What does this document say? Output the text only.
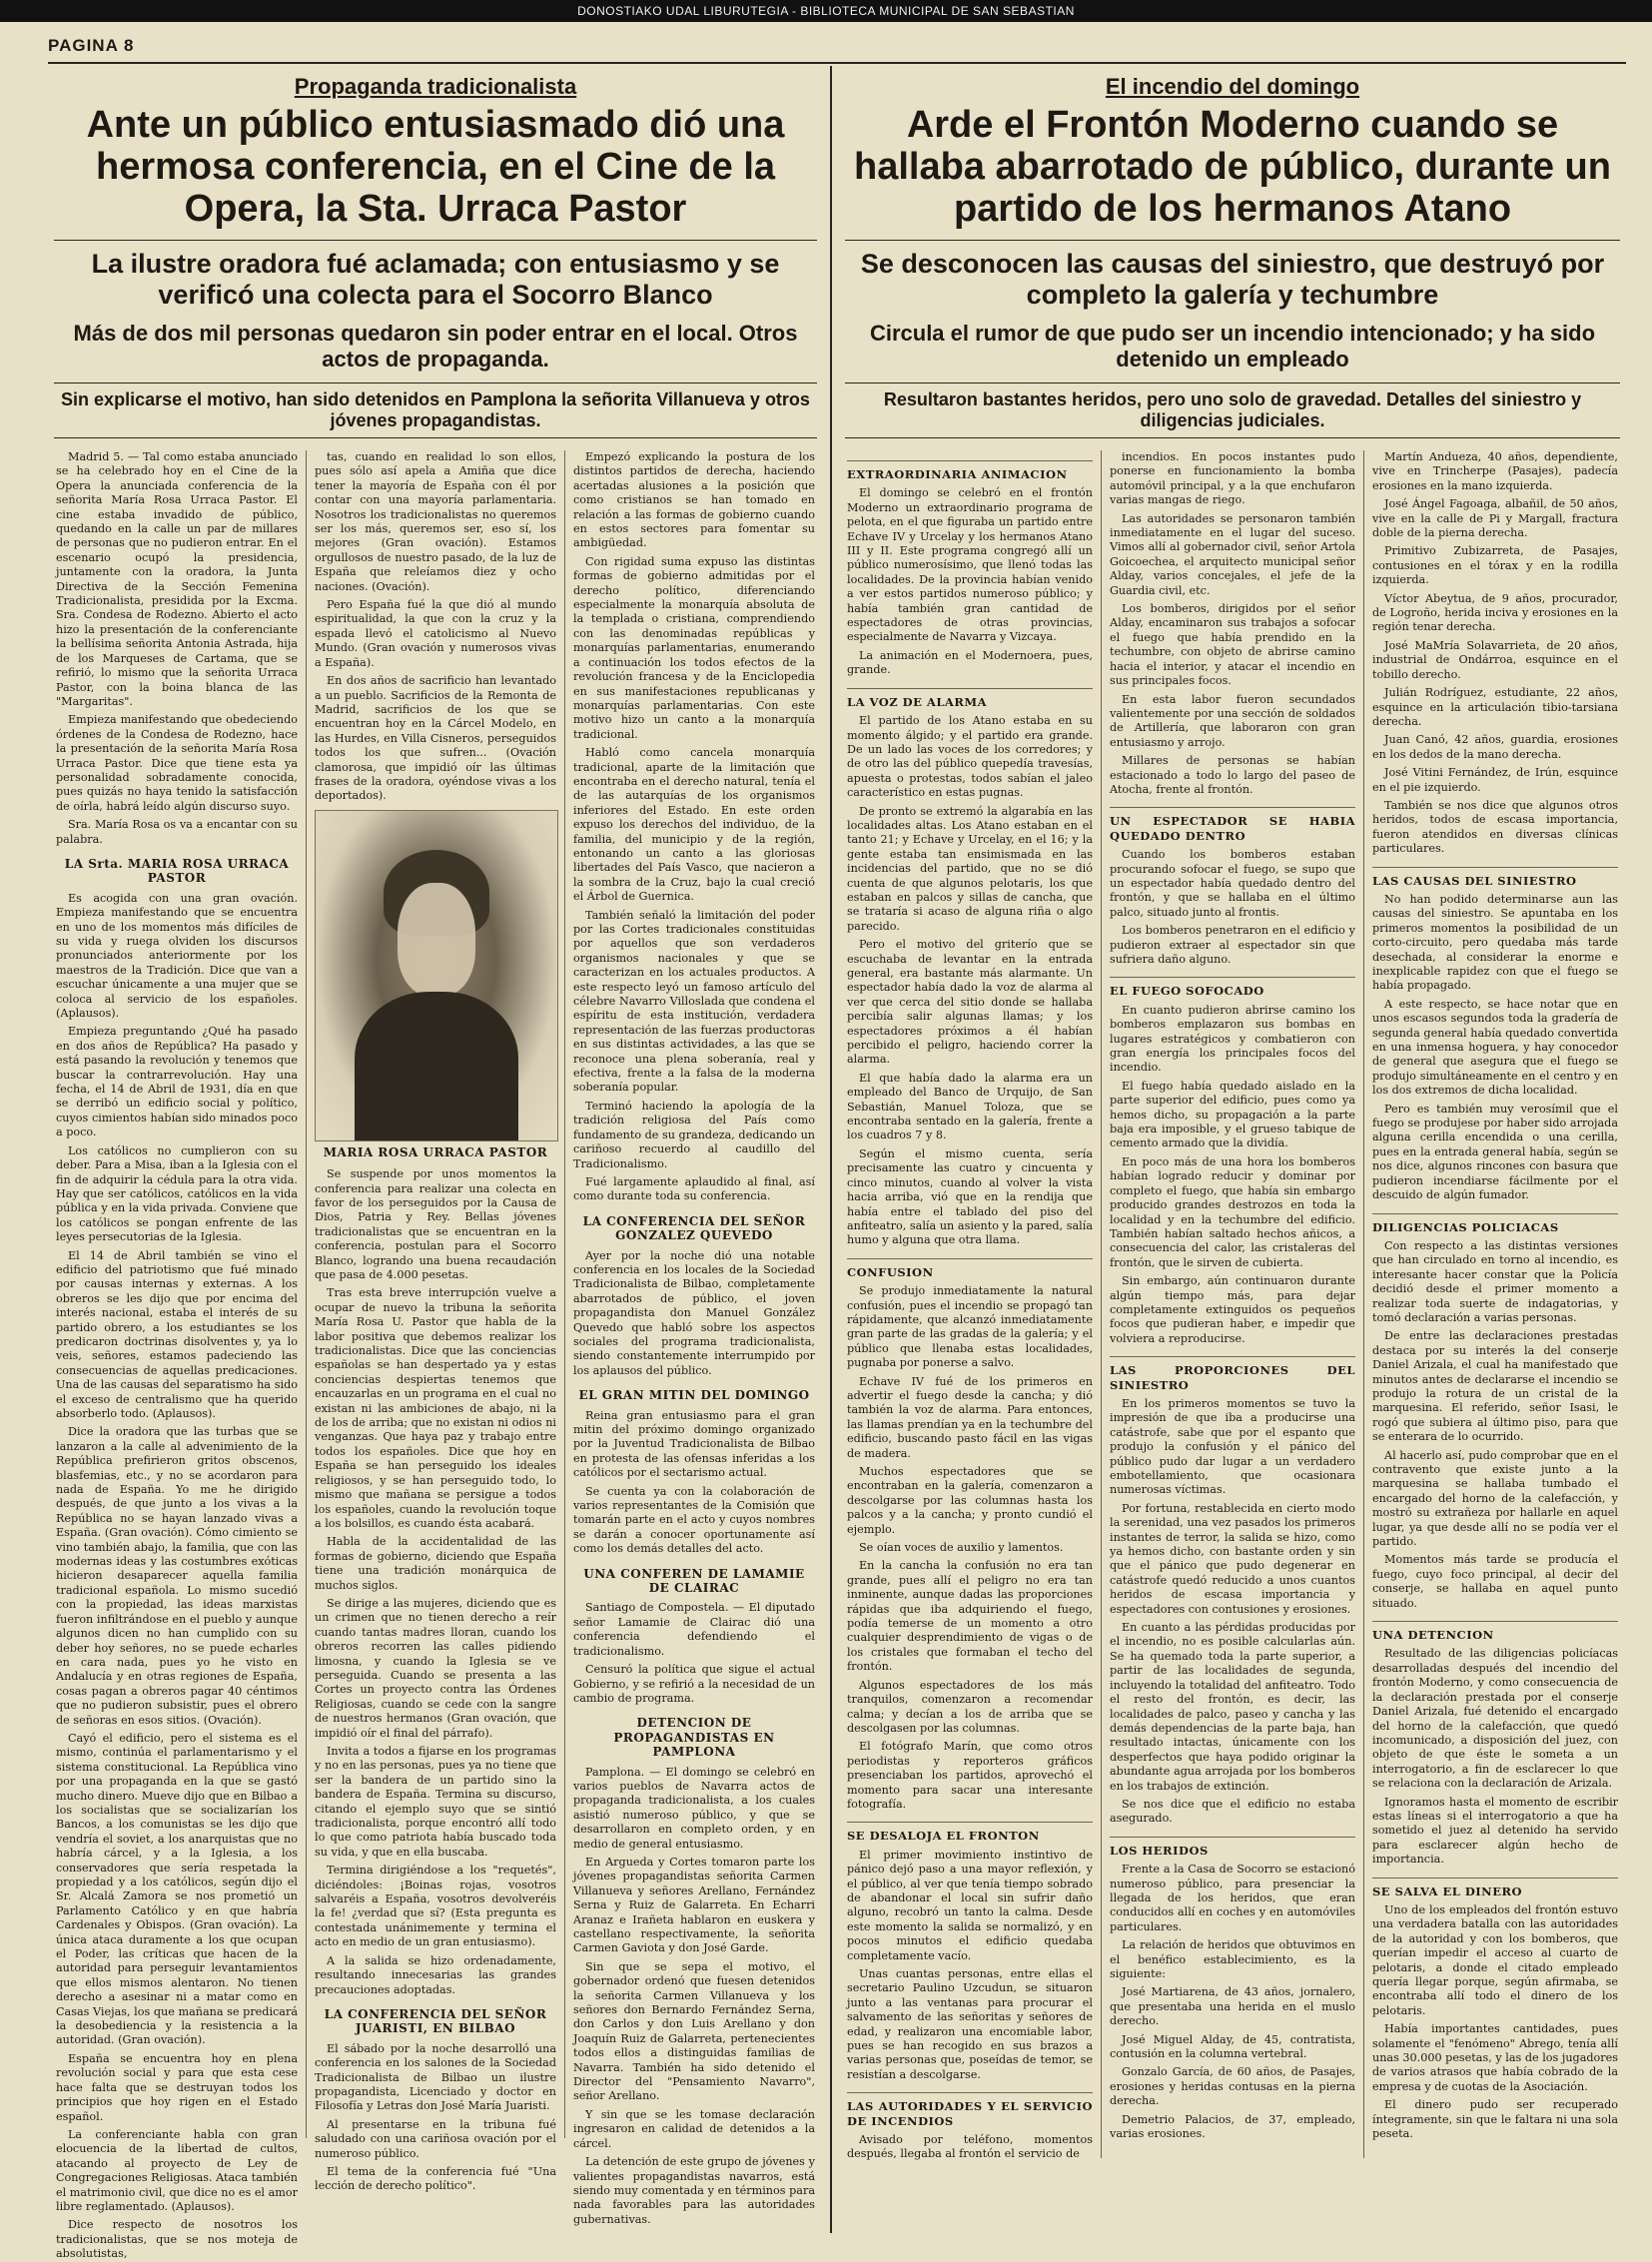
DONOSTIAKO UDAL LIBURUTEGIA - BIBLIOTECA MUNICIPAL DE SAN SEBASTIAN
PAGINA 8
Propaganda tradicionalista
Ante un público entusiasmado dió una hermosa conferencia, en el Cine de la Opera, la Sta. Urraca Pastor
La ilustre oradora fué aclamada; con entusiasmo y se verificó una colecta para el Socorro Blanco
Más de dos mil personas quedaron sin poder entrar en el local. Otros actos de propaganda.
Sin explicarse el motivo, han sido detenidos en Pamplona la señorita Villanueva y otros jóvenes propagandistas.

Madrid 5. — Tal como estaba anunciado se ha celebrado hoy en el Cine de la Opera la anunciada conferencia de la señorita María Rosa Urraca Pastor. El cine estaba invadido de público, quedando en la calle un par de millares de personas que no pudieron entrar. En el escenario ocupó la presidencia, juntamente con la oradora, la Junta Directiva de la Sección Femenina Tradicionalista, presidida por la Excma. Sra. Condesa de Rodezno. Abierto el acto hizo la presentación de la conferenciante la bellísima señorita Antonia Astrada, hija de los Marqueses de Cartama, que se refirió, lo mismo que la señorita Urraca Pastor, con la boina blanca de las "Margaritas".

Empieza manifestando que obedeciendo órdenes de la Condesa de Rodezno, hace la presentación de la señorita María Rosa Urraca Pastor. Dice que tiene esta ya personalidad sobradamente conocida, pues quizás no haya tenido la satisfacción de oírla, habrá leído algún discurso suyo.

Sra. María Rosa os va a encantar con su palabra.

LA Srta. MARIA ROSA URRACA PASTOR

Es acogida con una gran ovación. Empieza manifestando que se encuentra en uno de los momentos más difíciles de su vida y ruega olviden los discursos pronunciados anteriormente por los maestros de la Tradición. Dice que van a escuchar únicamente a una mujer que se coloca al servicio de los españoles. (Aplausos).

Empieza preguntando ¿Qué ha pasado en dos años de República? Ha pasado y está pasando la revolución y tenemos que buscar la contrarrevolución. Hay una fecha, el 14 de Abril de 1931, día en que se derribó un edificio social y político, cuyos cimientos habían sido minados poco a poco.

Los católicos no cumplieron con su deber. Para a Misa, iban a la Iglesia con el fin de adquirir la cédula para la otra vida. Hay que ser católicos, católicos en la vida pública y en la vida privada. Conviene que los católicos se pongan enfrente de las leyes persecutorias de la Iglesia.

El 14 de Abril también se vino el edificio del patriotismo que fué minado por causas internas y externas. A los obreros se les dijo que por encima del interés nacional, estaba el interés de su partido obrero, a los estudiantes se los predicaron doctrinas disolventes y, ya lo veis, señores, estamos padeciendo las consecuencias de aquellas predicaciones. Una de las causas del separatismo ha sido el exceso de centralismo que ha querido absorberlo todo. (Aplausos).

Dice la oradora que las turbas que se lanzaron a la calle al advenimiento de la República prefirieron gritos obscenos, blasfemias, etc., y no se acordaron para nada de España. Yo me he dirigido después, de que junto a los vivas a la República no se hayan lanzado vivas a España. (Gran ovación). Cómo cimiento se vino también abajo, la familia, que con las modernas ideas y las costumbres exóticas hicieron desaparecer aquella familia tradicional española. Lo mismo sucedió con la propiedad, las ideas marxistas fueron infiltrándose en el pueblo y aunque algunos dicen no han cumplido con su deber hoy señores, no se puede echarles en cara nada, pues yo he visto en Andalucía y en otras regiones de España, cosas pagan a obreros pagar 40 céntimos que no pudieron subsistir, pues el obrero de señoras en esos sitios. (Ovación).

Cayó el edificio, pero el sistema es el mismo, continúa el parlamentarismo y el sistema constitucional. La República vino por una propaganda en la que se gastó mucho dinero. Mueve dijo que en Bilbao a los socialistas que se socializarían los Bancos, a los comunistas se les dijo que vendría el soviet, a los anarquistas que no habría cárcel, y a la Iglesia, a los conservadores que sería respetada la propiedad y a los católicos, según dijo el Sr. Alcalá Zamora se nos prometió un Parlamento Católico y en que habría Cardenales y Obispos. (Gran ovación). La única ataca duramente a los que ocupan el Poder, las críticas que hacen de la autoridad para perseguir levantamientos que ellos mismos alentaron. No tienen derecho a asesinar ni a matar como en Casas Viejas, los que mañana se predicará la desobediencia y la resistencia a la autoridad. (Gran ovación).

España se encuentra hoy en plena revolución social y para que esta cese hace falta que se destruyan todos los principios que hoy rigen en el Estado español.

La conferenciante habla con gran elocuencia de la libertad de cultos, atacando al proyecto de Ley de Congregaciones Religiosas. Ataca también el matrimonio civil, que dice no es el amor libre reglamentado. (Aplausos).

Dice respecto de nosotros los tradicionalistas, que se nos moteja de absolutistas,

tas, cuando en realidad lo son ellos, pues sólo así apela a Amiña que dice tener la mayoría de España con él por contar con una mayoría parlamentaria. Nosotros los tradicionalistas no queremos ser los más, queremos ser, eso sí, los mejores (Gran ovación). Estamos orgullosos de nuestro pasado, de la luz de España que releíamos diez y ocho naciones. (Ovación).

Pero España fué la que dió al mundo espiritualidad, la que con la cruz y la espada llevó el catolicismo al Nuevo Mundo. (Gran ovación y numerosos vivas a España).

En dos años de sacrificio han levantado a un pueblo. Sacrificios de la Remonta de Madrid, sacrificios de los que se encuentran hoy en la Cárcel Modelo, en las Hurdes, en Villa Cisneros, perseguidos todos los que sufren... (Ovación clamorosa, que impidió oír las últimas frases de la oradora, oyéndose vivas a los deportados).

MARIA ROSA URRACA PASTOR

Se suspende por unos momentos la conferencia para realizar una colecta en favor de los perseguidos por la Causa de Dios, Patria y Rey. Bellas jóvenes tradicionalistas que se encuentran en la conferencia, postulan para el Socorro Blanco, logrando una buena recaudación que pasa de 4.000 pesetas.

Tras esta breve interrupción vuelve a ocupar de nuevo la tribuna la señorita María Rosa U. Pastor que habla de la labor positiva que debemos realizar los tradicionalistas. Dice que las conciencias españolas se han despertado ya y estas conciencias despiertas tenemos que encauzarlas en un programa en el cual no existan ni las ambiciones de abajo, ni la de los de arriba; que no existan ni odios ni venganzas. Que haya paz y trabajo entre todos los españoles. Dice que hoy en España se han perseguido los ideales religiosos, y se han perseguido todo, lo mismo que mañana se persigue a todos los españoles, cuando la revolución toque a los bolsillos, es cuando ésta acabará.

Habla de la accidentalidad de las formas de gobierno, diciendo que España tiene una tradición monárquica de muchos siglos.

Se dirige a las mujeres, diciendo que es un crimen que no tienen derecho a reír cuando tantas madres lloran, cuando los obreros recorren las calles pidiendo limosna, y cuando la Iglesia se ve perseguida. Cuando se presenta a las Cortes un proyecto contra las Órdenes Religiosas, cuando se cede con la sangre de nuestros hermanos (Gran ovación, que impidió oír el final del párrafo).

Invita a todos a fijarse en los programas y no en las personas, pues ya no tiene que ser la bandera de un partido sino la bandera de España. Termina su discurso, citando el ejemplo suyo que se sintió tradicionalista, porque encontró allí todo lo que como patriota había buscado toda su vida, y que en ella buscaba.

Termina dirigiéndose a los "requetés", diciéndoles: ¡Boinas rojas, vosotros salvaréis a España, vosotros devolveréis la fe! ¿verdad que sí? (Esta pregunta es contestada unánimemente y termina el acto en medio de un gran entusiasmo).

A la salida se hizo ordenadamente, resultando innecesarias las grandes precauciones adoptadas.

LA CONFERENCIA DEL SEÑOR JUARISTI, EN BILBAO

El sábado por la noche desarrolló una conferencia en los salones de la Sociedad Tradicionalista de Bilbao un ilustre propagandista, Licenciado y doctor en Filosofía y Letras don José María Juaristi.

Al presentarse en la tribuna fué saludado con una cariñosa ovación por el numeroso público.

El tema de la conferencia fué "Una lección de derecho político".

Empezó explicando la postura de los distintos partidos de derecha, haciendo acertadas alusiones a la posición que como cristianos se han tomado en relación a las formas de gobierno cuando en estos sectores para fomentar su ambigüedad.

Con rigidad suma expuso las distintas formas de gobierno admitidas por el derecho político, diferenciando especialmente la monarquía absoluta de la templada o cristiana, comprendiendo con las denominadas repúblicas y monarquías parlamentarias, enumerando a continuación los todos efectos de la revolución francesa y de la Enciclopedia en sus manifestaciones republicanas y monarquías parlamentarias. Con este motivo hizo un canto a la monarquía tradicional.

Habló como cancela monarquía tradicional, aparte de la limitación que encontraba en el derecho natural, tenía el de las autarquías de los organismos inferiores del Estado. En este orden expuso los derechos del individuo, de la familia, del municipio y de la región, entonando un canto a las gloriosas libertades del País Vasco, que nacieron a la sombra de la Cruz, bajo la cual creció el Árbol de Guernica.

También señaló la limitación del poder por las Cortes tradicionales constituidas por aquellos que son verdaderos organismos nacionales y que se caracterizan en los actuales productos. A este respecto leyó un famoso artículo del célebre Navarro Villoslada que condena el espíritu de esta institución, verdadera representación de las fuerzas productoras en sus distintas actividades, a las que se reconoce una plena soberanía, real y efectiva, frente a la falsa de la moderna soberanía popular.

Terminó haciendo la apología de la tradición religiosa del País como fundamento de su grandeza, dedicando un cariñoso recuerdo al caudillo del Tradicionalismo.

Fué largamente aplaudido al final, así como durante toda su conferencia.

LA CONFERENCIA DEL SEÑOR GONZALEZ QUEVEDO

Ayer por la noche dió una notable conferencia en los locales de la Sociedad Tradicionalista de Bilbao, completamente abarrotados de público, el joven propagandista don Manuel González Quevedo que habló sobre los aspectos sociales del programa tradicionalista, siendo constantemente interrumpido por los aplausos del público.

EL GRAN MITIN DEL DOMINGO

Reina gran entusiasmo para el gran mitin del próximo domingo organizado por la Juventud Tradicionalista de Bilbao en protesta de las ofensas inferidas a los católicos por el sectarismo actual.

Se cuenta ya con la colaboración de varios representantes de la Comisión que tomarán parte en el acto y cuyos nombres se darán a conocer oportunamente así como los demás detalles del acto.

UNA CONFEREN DE LAMAMIE DE CLAIRAC

Santiago de Compostela. — El diputado señor Lamamie de Clairac dió una conferencia defendiendo el tradicionalismo.

Censuró la política que sigue el actual Gobierno, y se refirió a la necesidad de un cambio de programa.

DETENCION DE PROPAGANDISTAS EN PAMPLONA

Pamplona. — El domingo se celebró en varios pueblos de Navarra actos de propaganda tradicionalista, a los cuales asistió numeroso público, y que se desarrollaron en completo orden, y en medio de general entusiasmo.

En Argueda y Cortes tomaron parte los jóvenes propagandistas señorita Carmen Villanueva y señores Arellano, Fernández Serna y Ruiz de Galarreta. En Echarri Aranaz e Irañeta hablaron en euskera y castellano respectivamente, la señorita Carmen Gaviota y don José Garde.

Sin que se sepa el motivo, el gobernador ordenó que fuesen detenidos la señorita Carmen Villanueva y los señores don Bernardo Fernández Serna, don Carlos y don Luis Arellano y don Joaquín Ruiz de Galarreta, pertenecientes todos ellos a distinguidas familias de Navarra. También ha sido detenido el Director del "Pensamiento Navarro", señor Arellano.

Y sin que se les tomase declaración ingresaron en calidad de detenidos a la cárcel.

La detención de este grupo de jóvenes y valientes propagandistas navarros, está siendo muy comentada y en términos para nada favorables para las autoridades gubernativas.

El incendio del domingo
Arde el Frontón Moderno cuando se hallaba abarrotado de público, durante un partido de los hermanos Atano
Se desconocen las causas del siniestro, que destruyó por completo la galería y techumbre
Circula el rumor de que pudo ser un incendio intencionado; y ha sido detenido un empleado
Resultaron bastantes heridos, pero uno solo de gravedad. Detalles del siniestro y diligencias judiciales.
EXTRAORDINARIA ANIMACION

El domingo se celebró en el frontón Moderno un extraordinario programa de pelota, en el que figuraba un partido entre Echave IV y Urcelay y los hermanos Atano III y II. Este programa congregó allí un público numerosísimo, que llenó todas las localidades. De la provincia habían venido a ver estos partidos numeroso público; y había también gran cantidad de espectadores de otras provincias, especialmente de Navarra y Vizcaya.

La animación en el Modernoera, pues, grande.

LA VOZ DE ALARMA

El partido de los Atano estaba en su momento álgido; y el partido era grande. De un lado las voces de los corredores; y de otro las del público quepedía travesías, apuesta o protestas, todos sabían el jaleo característico en estas pugnas.

De pronto se extremó la algarabía en las localidades altas. Los Atano estaban en el tanto 21; y Echave y Urcelay, en el 16; y la gente estaba tan ensimismada en las incidencias del partido, que no se dió cuenta de que algunos pelotaris, los que estaban en palcos y sillas de cancha, que se trataría si acaso de alguna riña o algo parecido.

Pero el motivo del griterío que se escuchaba de levantar en la entrada general, era bastante más alarmante. Un espectador había dado la voz de alarma al ver que cerca del sitio donde se hallaba percibía salir algunas llamas; y los espectadores próximos a él habían percibido el peligro, haciendo correr la alarma.

El que había dado la alarma era un empleado del Banco de Urquijo, de San Sebastián, Manuel Toloza, que se encontraba sentado en la galería, frente a los cuadros 7 y 8.

Según el mismo cuenta, sería precisamente las cuatro y cincuenta y cinco minutos, cuando al volver la vista hacia arriba, vió que en la rendija que había entre el tablado del piso del anfiteatro, salía un asiento y la pared, salía humo y alguna que otra llama.

CONFUSION

Se produjo inmediatamente la natural confusión, pues el incendio se propagó tan rápidamente, que alcanzó inmediatamente gran parte de las gradas de la galería; y el público que llenaba estas localidades, pugnaba por ponerse a salvo.

Echave IV fué de los primeros en advertir el fuego desde la cancha; y dió también la voz de alarma. Para entonces, las llamas prendían ya en la techumbre del edificio, buscando pasto fácil en las vigas de madera.

Muchos espectadores que se encontraban en la galería, comenzaron a descolgarse por las columnas hasta los palcos y a la cancha; y pronto cundió el ejemplo.

Se oían voces de auxilio y lamentos.

En la cancha la confusión no era tan grande, pues allí el peligro no era tan inminente, aunque dadas las proporciones rápidas que iba adquiriendo el fuego, podía temerse de un momento a otro cualquier desprendimiento de vigas o de los cristales que formaban el techo del frontón.

Algunos espectadores de los más tranquilos, comenzaron a recomendar calma; y decían a los de arriba que se descolgasen por las columnas.

El fotógrafo Marín, que como otros periodistas y reporteros gráficos presenciaban los partidos, aprovechó el momento para sacar una interesante fotografía.

SE DESALOJA EL FRONTON

El primer movimiento instintivo de pánico dejó paso a una mayor reflexión, y el público, al ver que tenía tiempo sobrado de abandonar el local sin sufrir daño alguno, recobró un tanto la calma. Desde este momento la salida se normalizó, y en pocos minutos el edificio quedaba completamente vacío.

Unas cuantas personas, entre ellas el secretario Paulino Uzcudun, se situaron junto a las ventanas para procurar el salvamento de las señoritas y señores de edad, y realizaron una encomiable labor, pues se han recogido en sus brazos a varias personas que, poseídas de temor, se resistían a descolgarse.

LAS AUTORIDADES Y EL SERVICIO DE INCENDIOS

Avisado por teléfono, momentos después, llegaba al frontón el servicio de

incendios. En pocos instantes pudo ponerse en funcionamiento la bomba automóvil principal, y a la que enchufaron varias mangas de riego.

Las autoridades se personaron también inmediatamente en el lugar del suceso. Vimos allí al gobernador civil, señor Artola Goicoechea, el arquitecto municipal señor Alday, varios concejales, el jefe de la Guardia civil, etc.

Los bomberos, dirigidos por el señor Alday, encaminaron sus trabajos a sofocar el fuego que había prendido en la techumbre, con objeto de abrirse camino hacia el interior, y atacar el incendio en sus principales focos.

En esta labor fueron secundados valientemente por una sección de soldados de Artillería, que laboraron con gran entusiasmo y arrojo.

Millares de personas se habían estacionado a todo lo largo del paseo de Atocha, frente al frontón.

UN ESPECTADOR SE HABIA QUEDADO DENTRO

Cuando los bomberos estaban procurando sofocar el fuego, se supo que un espectador había quedado dentro del frontón, y que se hallaba en el último palco, situado junto al frontis.

Los bomberos penetraron en el edificio y pudieron extraer al espectador sin que sufriera daño alguno.

EL FUEGO SOFOCADO

En cuanto pudieron abrirse camino los bomberos emplazaron sus bombas en lugares estratégicos y combatieron con gran energía los principales focos del incendio.

El fuego había quedado aislado en la parte superior del edificio, pues como ya hemos dicho, su propagación a la parte baja era imposible, y el grueso tabique de cemento armado que la dividía.

En poco más de una hora los bomberos habían logrado reducir y dominar por completo el fuego, que había sin embargo producido grandes destrozos en toda la localidad y en la techumbre del edificio. También habían saltado hechos añicos, a consecuencia del calor, las cristaleras del frontón, que le sirven de cubierta.

Sin embargo, aún continuaron durante algún tiempo más, para dejar completamente extinguidos os pequeños focos que pudieran haber, e impedir que volviera a reproducirse.

LAS PROPORCIONES DEL SINIESTRO

En los primeros momentos se tuvo la impresión de que iba a producirse una catástrofe, sabe que por el espanto que produjo la confusión y el pánico del público pudo dar lugar a un verdadero embotellamiento, que ocasionara numerosas víctimas.

Por fortuna, restablecida en cierto modo la serenidad, una vez pasados los primeros instantes de terror, la salida se hizo, como ya hemos dicho, con bastante orden y sin que el pánico que pudo degenerar en catástrofe quedó reducido a unos cuantos heridos de escasa importancia y espectadores con contusiones y erosiones.

En cuanto a las pérdidas producidas por el incendio, no es posible calcularlas aún. Se ha quemado toda la parte superior, a partir de las localidades de segunda, incluyendo la totalidad del anfiteatro. Todo el resto del frontón, es decir, las localidades de palco, paseo y cancha y las demás dependencias de la parte baja, han resultado intactas, únicamente con los desperfectos que haya podido originar la abundante agua arrojada por los bomberos en los trabajos de extinción.

Se nos dice que el edificio no estaba asegurado.

LOS HERIDOS

Frente a la Casa de Socorro se estacionó numeroso público, para presenciar la llegada de los heridos, que eran conducidos allí en coches y en automóviles particulares.

La relación de heridos que obtuvimos en el benéfico establecimiento, es la siguiente:

José Martiarena, de 43 años, jornalero, que presentaba una herida en el muslo derecho.

José Miguel Alday, de 45, contratista, contusión en la columna vertebral.

Gonzalo García, de 60 años, de Pasajes, erosiones y heridas contusas en la pierna derecha.

Demetrio Palacios, de 37, empleado, varias erosiones.

Martín Andueza, 40 años, dependiente, vive en Trincherpe (Pasajes), padecía erosiones en la mano izquierda.

José Ángel Fagoaga, albañil, de 50 años, vive en la calle de Pi y Margall, fractura doble de la pierna derecha.

Primitivo Zubizarreta, de Pasajes, contusiones en el tórax y en la rodilla izquierda.

Víctor Abeytua, de 9 años, procurador, de Logroño, herida inciva y erosiones en la región tenar derecha.

José MaMría Solavarrieta, de 20 años, industrial de Ondárroa, esquince en el tobillo derecho.

Julián Rodríguez, estudiante, 22 años, esquince en la articulación tibio-tarsiana derecha.

Juan Canó, 42 años, guardia, erosiones en los dedos de la mano derecha.

José Vitini Fernández, de Irún, esquince en el pie izquierdo.

También se nos dice que algunos otros heridos, todos de escasa importancia, fueron atendidos en diversas clínicas particulares.

LAS CAUSAS DEL SINIESTRO

No han podido determinarse aun las causas del siniestro. Se apuntaba en los primeros momentos la posibilidad de un corto-circuito, pero quedaba más tarde desechada, al considerar la enorme e inexplicable rapidez con que el fuego se había propagado.

A este respecto, se hace notar que en unos escasos segundos toda la gradería de segunda general había quedado convertida en una inmensa hoguera, y hay conocedor de general que asegura que el fuego se produjo simultáneamente en el centro y en los dos extremos de dicha localidad.

Pero es también muy verosímil que el fuego se produjese por haber sido arrojada alguna cerilla encendida o una cerilla, pues en la entrada general había, según se nos dice, algunos rincones con basura que pudieron incendiarse fácilmente por el descuido de algún fumador.

DILIGENCIAS POLICIACAS

Con respecto a las distintas versiones que han circulado en torno al incendio, es interesante hacer constar que la Policía decidió desde el primer momento a realizar toda suerte de indagatorias, y tomó declaración a varias personas.

De entre las declaraciones prestadas destaca por su interés la del conserje Daniel Arizala, el cual ha manifestado que minutos antes de declararse el incendio se produjo la rotura de un cristal de la marquesina. El referido, señor Isasi, le rogó que subiera al último piso, para que se enterara de lo ocurrido.

Al hacerlo así, pudo comprobar que en el contravento que existe junto a la marquesina se hallaba tumbado el encargado del horno de la calefacción, y mostró su extrañeza por hallarle en aquel lugar, ya que desde allí no se podía ver el partido.

Momentos más tarde se producía el fuego, cuyo foco principal, al decir del conserje, se hallaba en aquel punto situado.

UNA DETENCION

Resultado de las diligencias policíacas desarrolladas después del incendio del frontón Moderno, y como consecuencia de la declaración prestada por el conserje Daniel Arizala, fué detenido el encargado del horno de la calefacción, que quedó incomunicado, a disposición del juez, con objeto de que éste le someta a un interrogatorio, a fin de esclarecer lo que se relaciona con la declaración de Arizala.

Ignoramos hasta el momento de escribir estas líneas si el interrogatorio a que ha sometido el juez al detenido ha servido para esclarecer algún hecho de importancia.

SE SALVA EL DINERO

Uno de los empleados del frontón estuvo una verdadera batalla con las autoridades de la autoridad y con los bomberos, que querían impedir el acceso al cuarto de pelotaris, a donde el citado empleado quería llegar porque, según afirmaba, se encontraba allí todo el dinero de los pelotaris.

Había importantes cantidades, pues solamente el "fenómeno" Abrego, tenía allí unas 30.000 pesetas, y las de los jugadores de varios atrasos que había cobrado de la empresa y de cuotas de la Asociación.

El dinero pudo ser recuperado íntegramente, sin que le faltara ni una sola peseta.
